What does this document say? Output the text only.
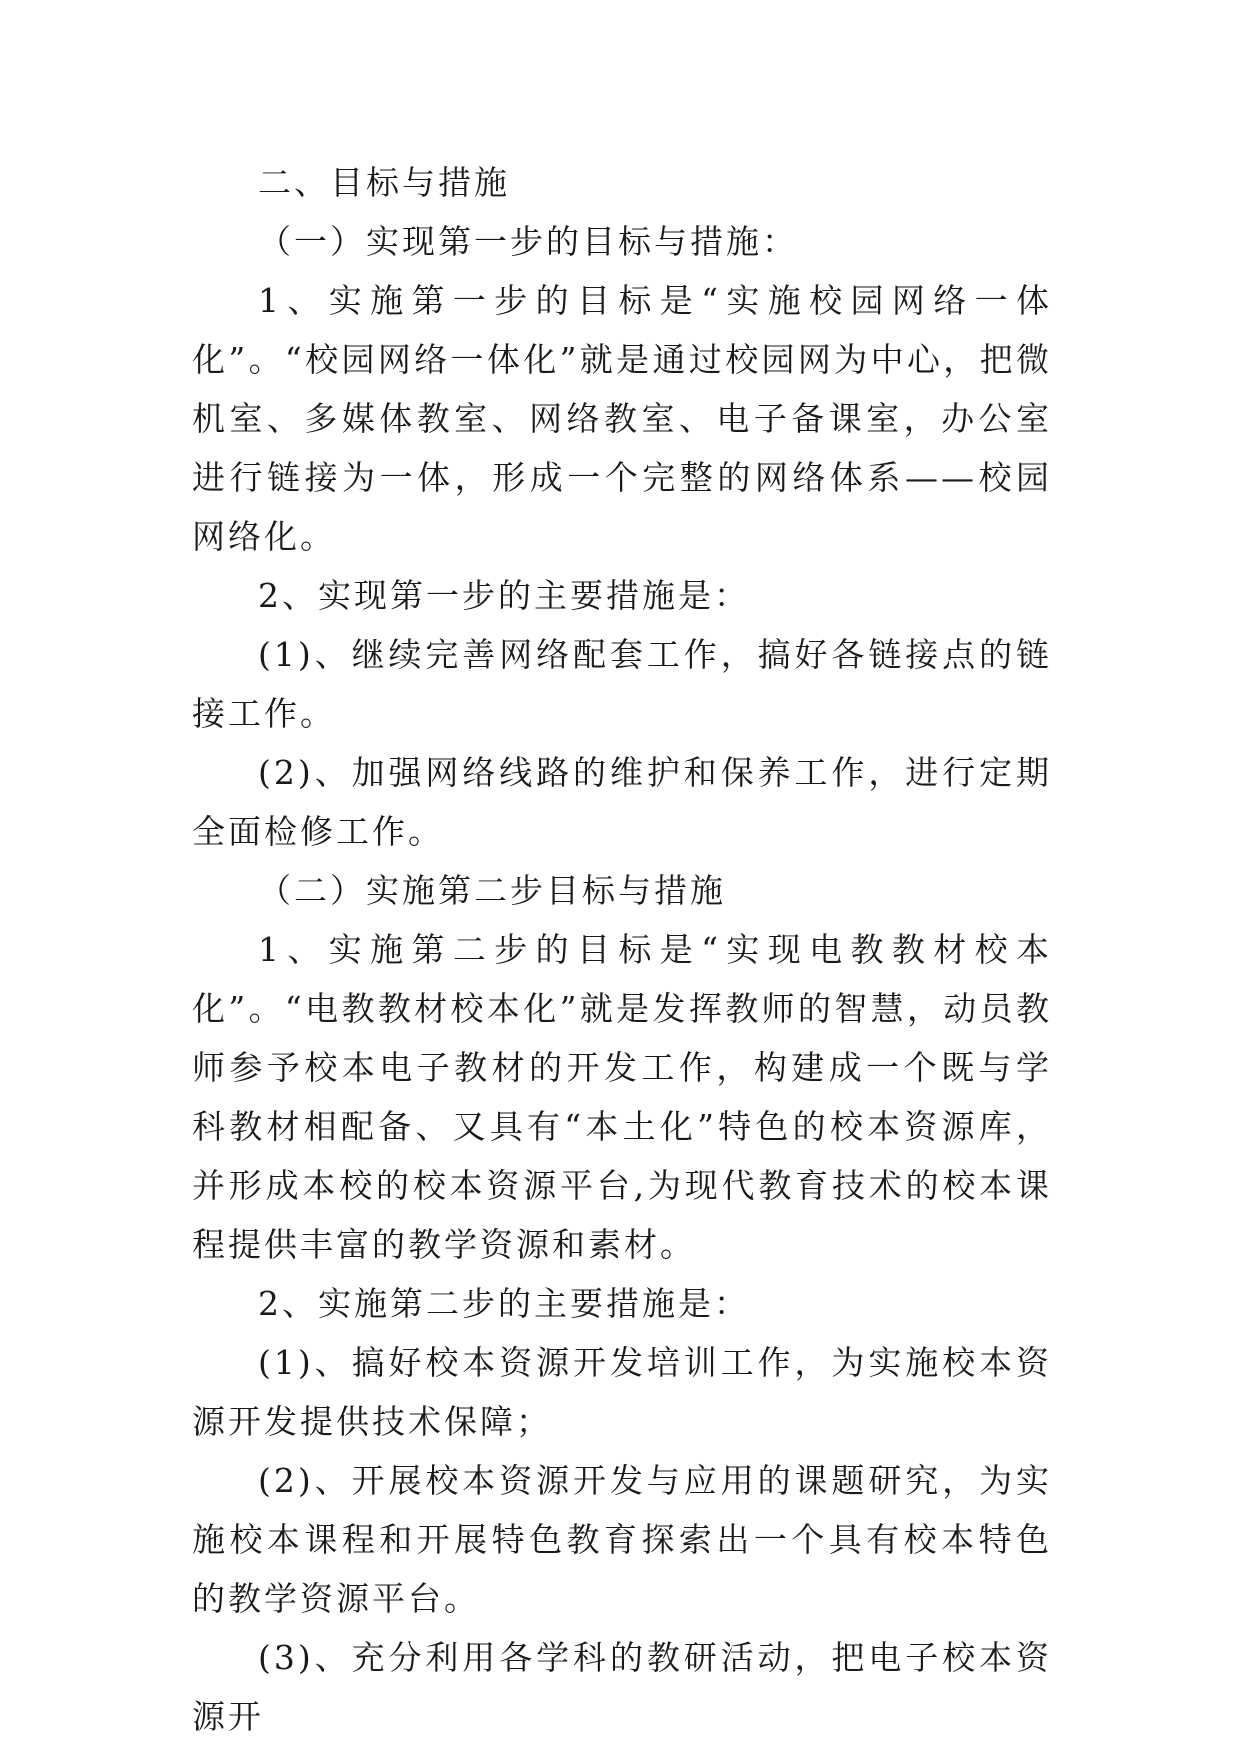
二、目标与措施

（一）实现第一步的目标与措施：

1、实施第一步的目标是“实施校园网络一体化”。“校园网络一体化”就是通过校园网为中心，把微机室、多媒体教室、网络教室、电子备课室，办公室进行链接为一体，形成一个完整的网络体系——校园网络化。

2、实现第一步的主要措施是：

(1)、继续完善网络配套工作，搞好各链接点的链接工作。

(2)、加强网络线路的维护和保养工作，进行定期全面检修工作。

（二）实施第二步目标与措施

1、实施第二步的目标是“实现电教教材校本化”。“电教教材校本化”就是发挥教师的智慧，动员教师参予校本电子教材的开发工作，构建成一个既与学科教材相配备、又具有“本土化”特色的校本资源库，并形成本校的校本资源平台,为现代教育技术的校本课程提供丰富的教学资源和素材。

2、实施第二步的主要措施是：

(1)、搞好校本资源开发培训工作，为实施校本资源开发提供技术保障；

(2)、开展校本资源开发与应用的课题研究，为实施校本课程和开展特色教育探索出一个具有校本特色的教学资源平台。

(3)、充分利用各学科的教研活动，把电子校本资源开
